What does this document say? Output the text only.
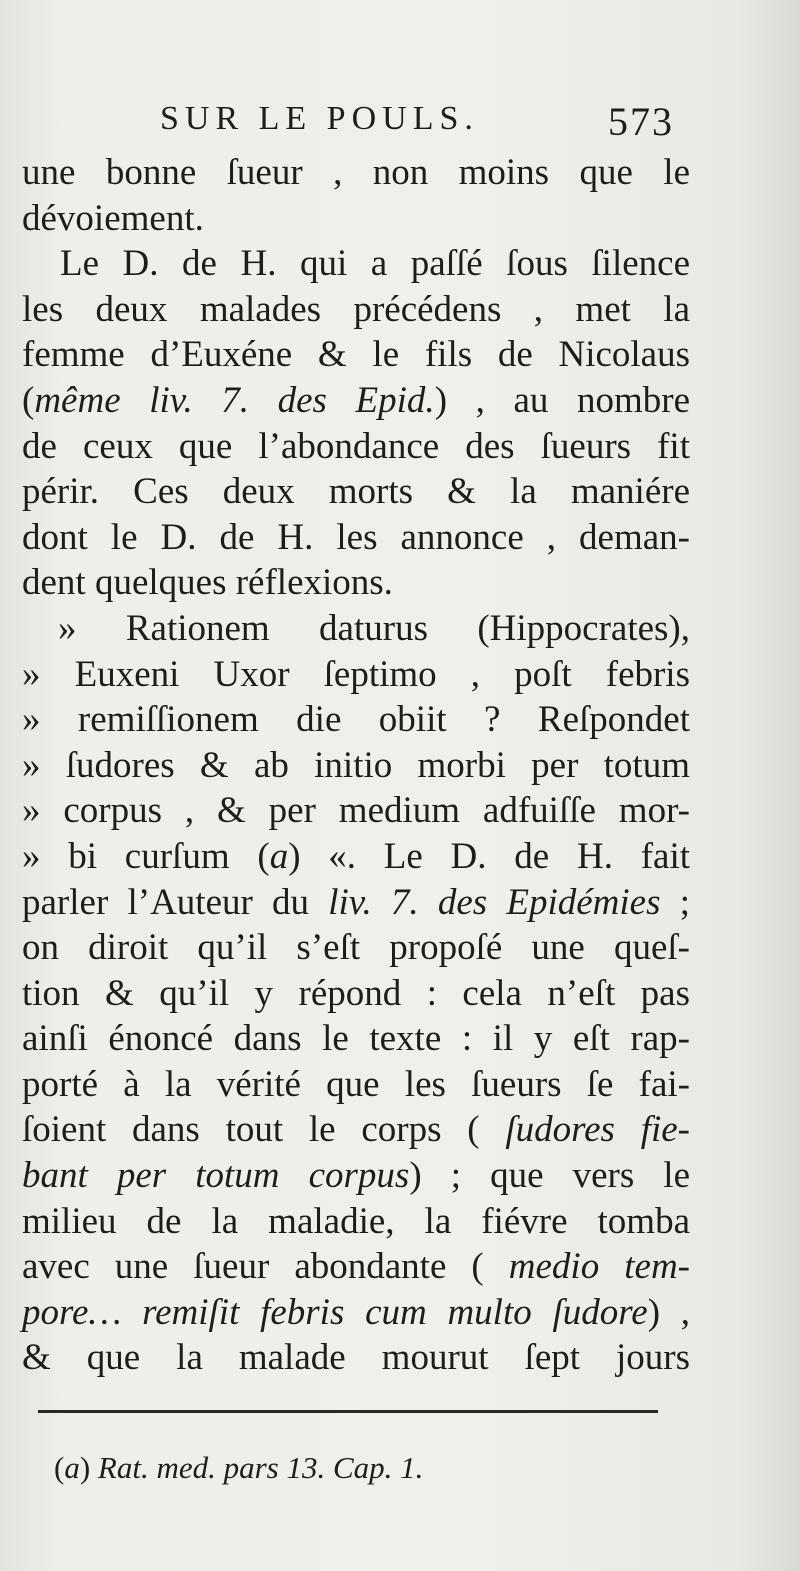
SUR LE POULS.	573
une bonne ſueur , non moins que le
dévoiement.
Le D. de H. qui a paſſé ſous ſilence
les deux malades précédens , met la
femme d’Euxéne & le fils de Nicolaus
(même liv. 7. des Epid.) , au nombre
de ceux que l’abondance des ſueurs fit
périr. Ces deux morts & la maniére
dont le D. de H. les annonce , deman-
dent quelques réflexions.
» Rationem daturus (Hippocrates),
» Euxeni Uxor ſeptimo , poſt febris
» remiſſionem die obiit ? Reſpondet
» ſudores & ab initio morbi per totum
» corpus , & per medium adfuiſſe mor-
» bi curſum (a) «. Le D. de H. fait
parler l’Auteur du liv. 7. des Epidémies ;
on diroit qu’il s’eſt propoſé une queſ-
tion & qu’il y répond : cela n’eſt pas
ainſi énoncé dans le texte : il y eſt rap-
porté à la vérité que les ſueurs ſe fai-
ſoient dans tout le corps ( ſudores fie-
bant per totum corpus) ; que vers le
milieu de la maladie, la fiévre tomba
avec une ſueur abondante ( medio tem-
pore… remiſit febris cum multo ſudore) ,
& que la malade mourut ſept jours
(a) Rat. med. pars 13. Cap. 1.
